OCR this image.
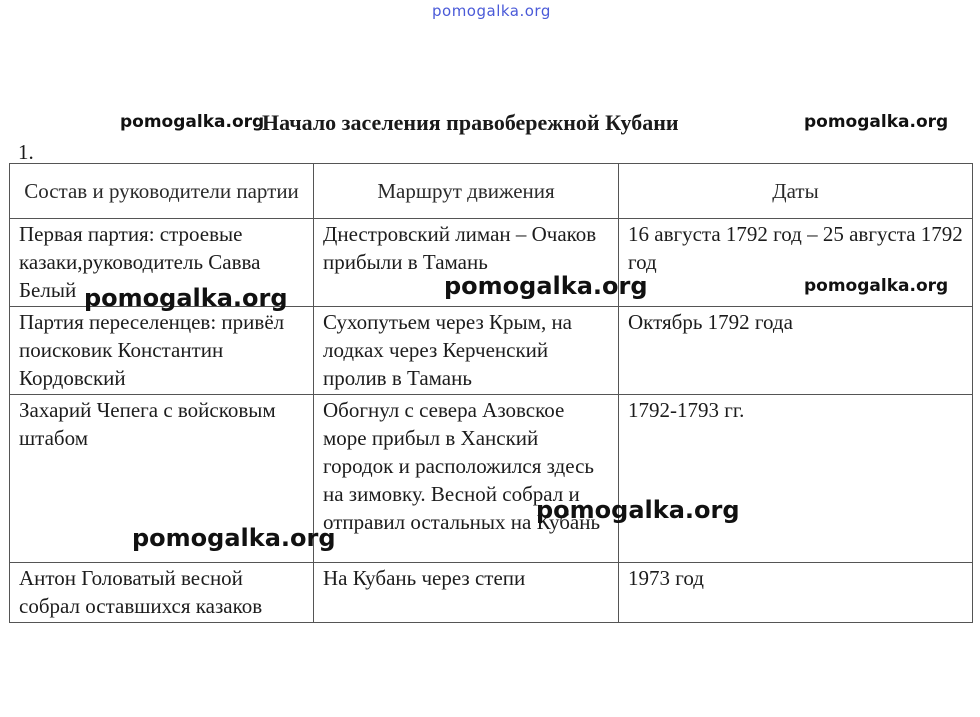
pomogalka.org
pomogalka.org
Начало заселения правобережной Кубани	pomogalka.org
1.
Состав и руководители партии	Маршрут движения	Даты
Первая партия: строевые казаки,руководитель Савва Белый	Днестровский лиман – Очаков прибыли в Тамань	16 августа 1792 год – 25 августа 1792 год
Партия переселенцев: привёл поисковик Константин Кордовский	Сухопутьем через Крым, на лодках через Керченский пролив в Тамань	Октябрь 1792 года
Захарий Чепега с войсковым штабом	Обогнул с севера Азовское море прибыл в Ханский городок и расположился здесь на зимовку. Весной собрал и отправил остальных на Кубань	1792-1793 гг.
Антон Головатый весной собрал оставшихся казаков	На Кубань через степи	1973 год
pomogalka.org	pomogalka.org	pomogalka.org
pomogalka.org
pomogalka.org
